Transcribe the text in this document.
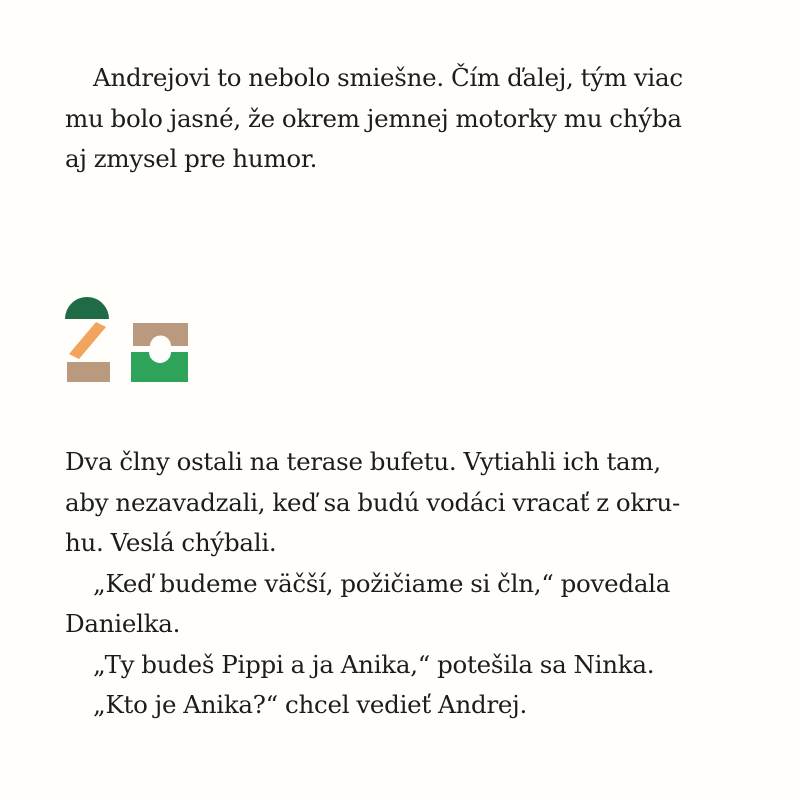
Andrejovi to nebolo smiešne. Čím ďalej, tým viac

mu bolo jasné, že okrem jemnej motorky mu chýba

aj zmysel pre humor.

Dva člny ostali na terase bufetu. Vytiahli ich tam,

aby nezavadzali, keď sa budú vodáci vracať z okru-

hu. Veslá chýbali.

„Keď budeme väčší, požičiame si čln,“ povedala

Danielka.

„Ty budeš Pippi a ja Anika,“ potešila sa Ninka.

„Kto je Anika?“ chcel vedieť Andrej.
